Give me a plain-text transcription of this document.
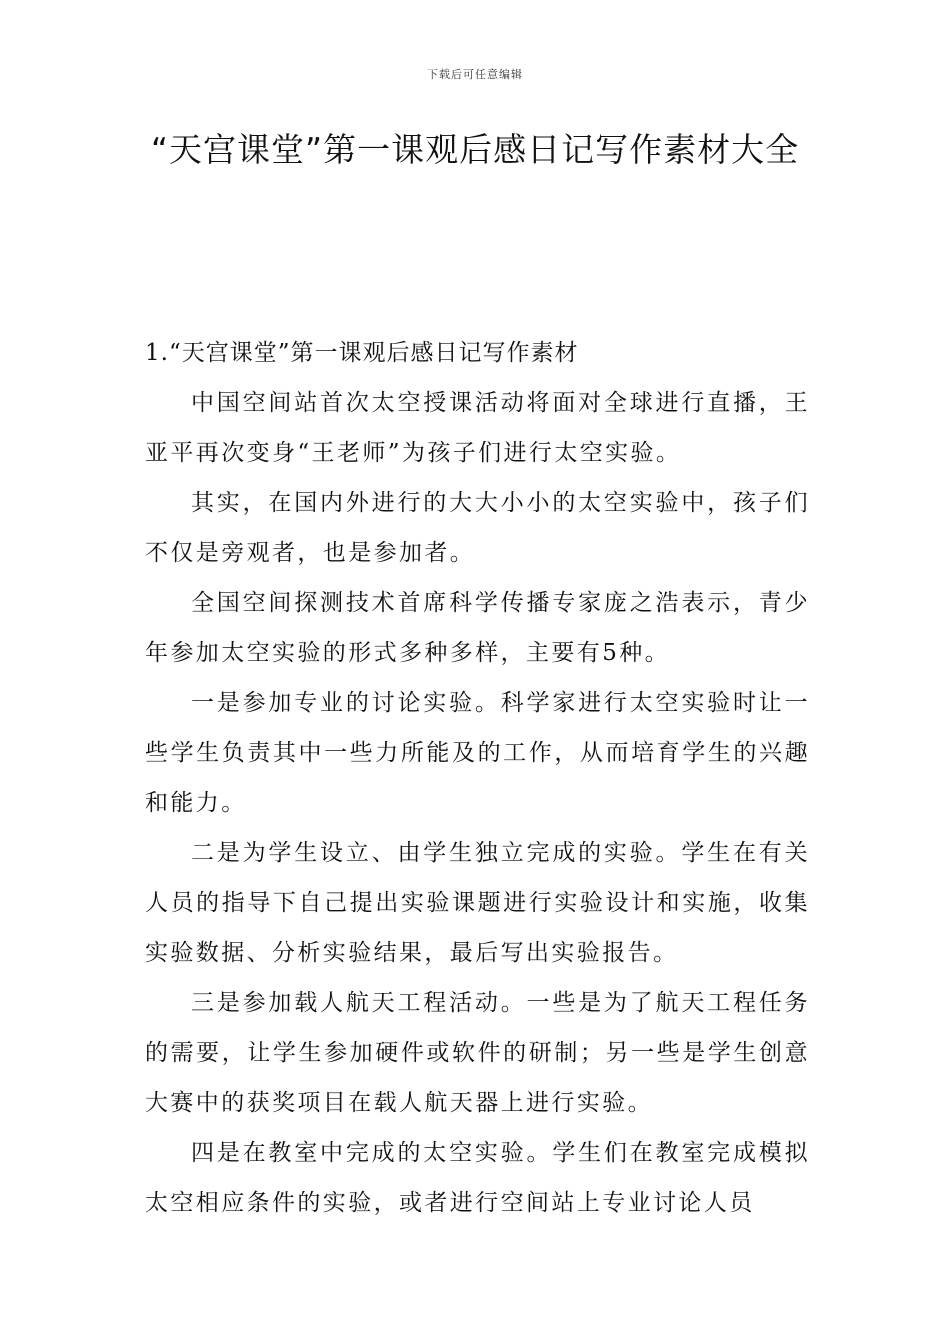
下载后可任意编辑
“天宫课堂”第一课观后感日记写作素材大全

1.“天宫课堂”第一课观后感日记写作素材

中国空间站首次太空授课活动将面对全球进行直播，王亚平再次变身“王老师”为孩子们进行太空实验。

其实，在国内外进行的大大小小的太空实验中，孩子们不仅是旁观者，也是参加者。

全国空间探测技术首席科学传播专家庞之浩表示，青少年参加太空实验的形式多种多样，主要有5种。

一是参加专业的讨论实验。科学家进行太空实验时让一些学生负责其中一些力所能及的工作，从而培育学生的兴趣和能力。

二是为学生设立、由学生独立完成的实验。学生在有关人员的指导下自己提出实验课题进行实验设计和实施，收集实验数据、分析实验结果，最后写出实验报告。

三是参加载人航天工程活动。一些是为了航天工程任务的需要，让学生参加硬件或软件的研制；另一些是学生创意大赛中的获奖项目在载人航天器上进行实验。

四是在教室中完成的太空实验。学生们在教室完成模拟太空相应条件的实验，或者进行空间站上专业讨论人员
